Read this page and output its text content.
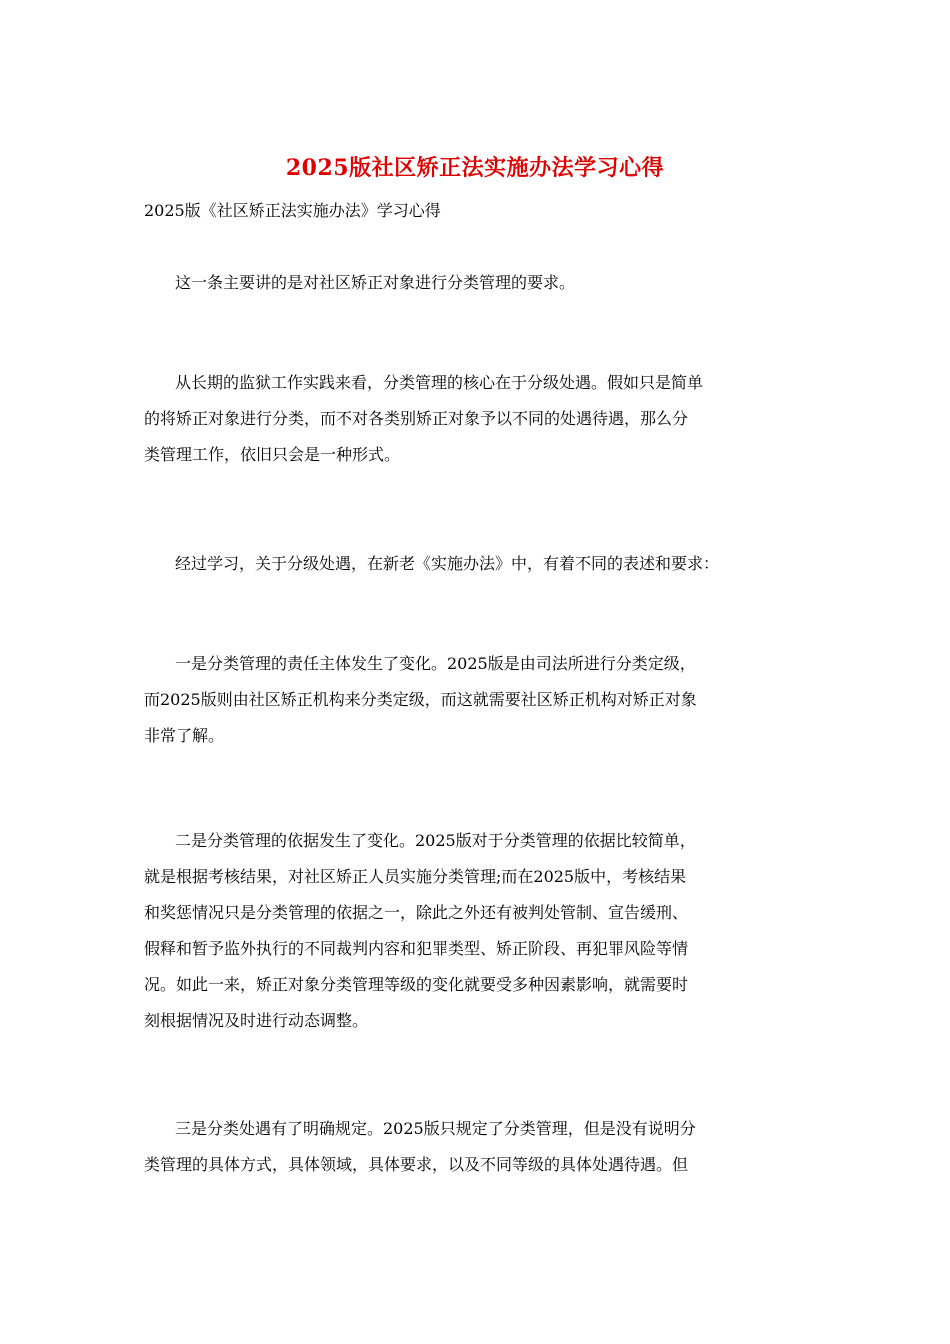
2025版社区矫正法实施办法学习心得
2025版《社区矫正法实施办法》学习心得
这一条主要讲的是对社区矫正对象进行分类管理的要求。
从长期的监狱工作实践来看，分类管理的核心在于分级处遇。假如只是简单
的将矫正对象进行分类，而不对各类别矫正对象予以不同的处遇待遇，那么分
类管理工作，依旧只会是一种形式。
经过学习，关于分级处遇，在新老《实施办法》中，有着不同的表述和要求：
一是分类管理的责任主体发生了变化。2025版是由司法所进行分类定级，
而2025版则由社区矫正机构来分类定级，而这就需要社区矫正机构对矫正对象
非常了解。
二是分类管理的依据发生了变化。2025版对于分类管理的依据比较简单，
就是根据考核结果，对社区矫正人员实施分类管理;而在2025版中，考核结果
和奖惩情况只是分类管理的依据之一，除此之外还有被判处管制、宣告缓刑、
假释和暂予监外执行的不同裁判内容和犯罪类型、矫正阶段、再犯罪风险等情
况。如此一来，矫正对象分类管理等级的变化就要受多种因素影响，就需要时
刻根据情况及时进行动态调整。
三是分类处遇有了明确规定。2025版只规定了分类管理，但是没有说明分
类管理的具体方式，具体领域，具体要求，以及不同等级的具体处遇待遇。但
